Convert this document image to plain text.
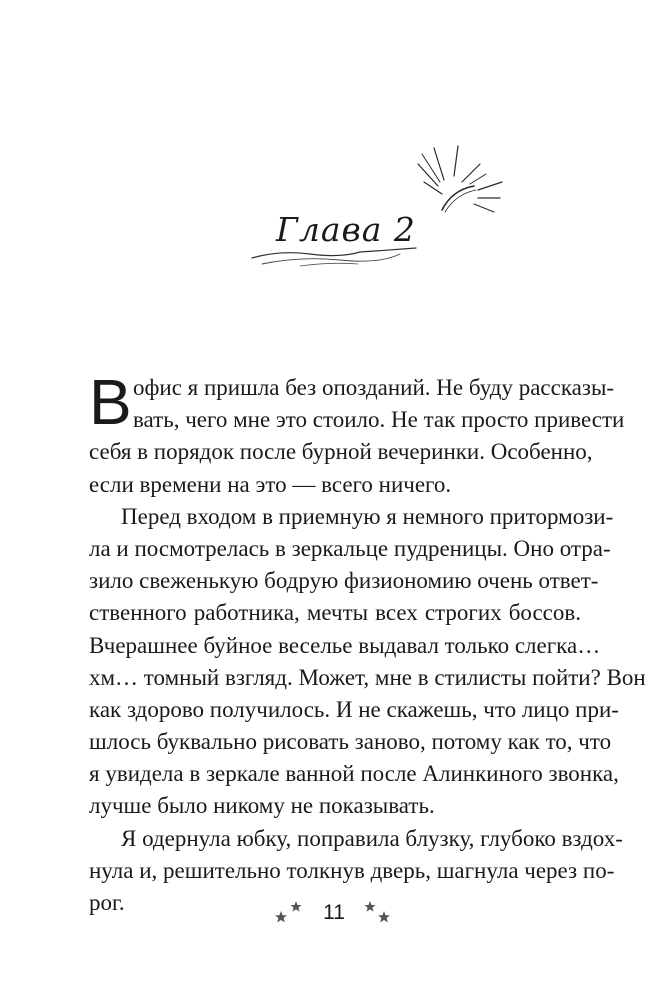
Глава 2
В офис я пришла без опозданий. Не буду рассказы-
вать, чего мне это стоило. Не так просто привести
себя в порядок после бурной вечеринки. Особенно,
если времени на это — всего ничего.
Перед входом в приемную я немного притормози-
ла и посмотрелась в зеркальце пудреницы. Оно отра-
зило свеженькую бодрую физиономию очень ответ-
ственного работника, мечты всех строгих боссов.
Вчерашнее буйное веселье выдавал только слегка…
хм… томный взгляд. Может, мне в стилисты пойти? Вон
как здорово получилось. И не скажешь, что лицо при-
шлось буквально рисовать заново, потому как то, что
я увидела в зеркале ванной после Алинкиного звонка,
лучше было никому не показывать.
Я одернула юбку, поправила блузку, глубоко вздох-
нула и, решительно толкнув дверь, шагнула через по-
рог.	11
